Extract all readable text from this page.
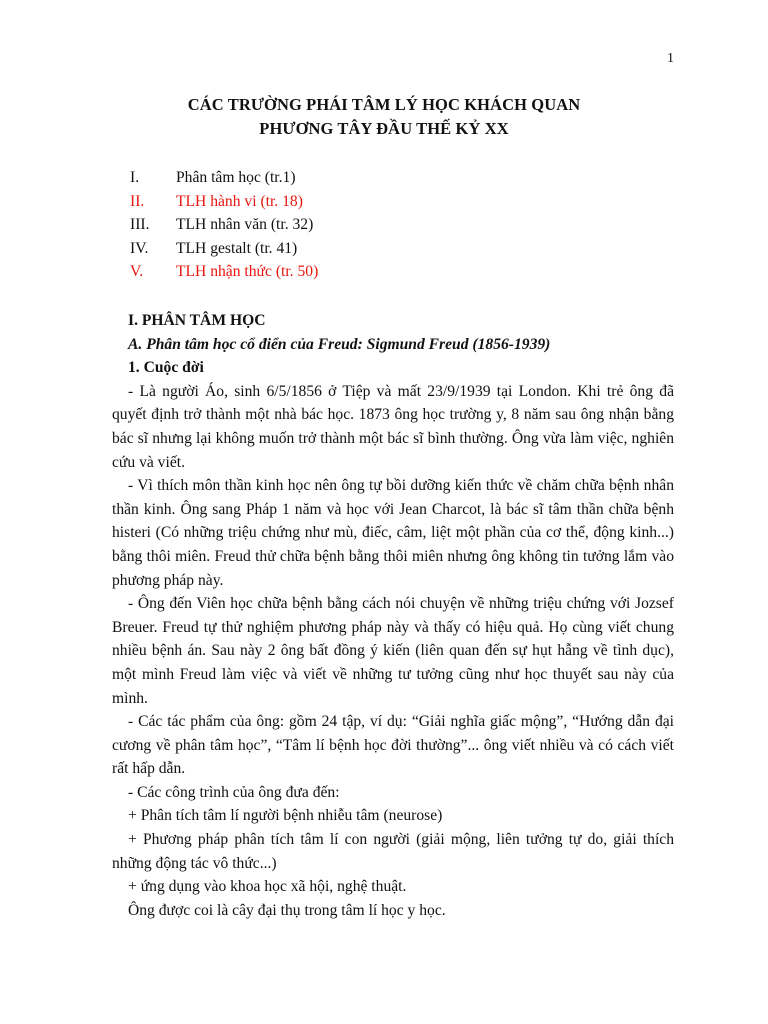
1
CÁC TRƯỜNG PHÁI TÂM LÝ HỌC KHÁCH QUAN
PHƯƠNG TÂY ĐẦU THẾ KỶ XX
I.	Phân tâm học (tr.1)
II.	TLH hành vi (tr. 18)
III.	TLH nhân văn (tr. 32)
IV.	TLH gestalt (tr. 41)
V.	TLH nhận thức (tr. 50)
I. PHÂN TÂM HỌC
A. Phân tâm học cổ điển của Freud: Sigmund Freud (1856-1939)
1. Cuộc đời

- Là người Áo, sinh 6/5/1856 ở Tiệp và mất 23/9/1939 tại London. Khi trẻ ông đã quyết định trở thành một nhà bác học. 1873 ông học trường y, 8 năm sau ông nhận bằng bác sĩ nhưng lại không muốn trở thành một bác sĩ bình thường. Ông vừa làm việc, nghiên cứu và viết.

- Vì thích môn thần kinh học nên ông tự bồi dưỡng kiến thức về chăm chữa bệnh nhân thần kinh. Ông sang Pháp 1 năm và học với Jean Charcot, là bác sĩ tâm thần chữa bệnh histeri (Có những triệu chứng như mù, điếc, câm, liệt một phần của cơ thể, động kinh...) bằng thôi miên. Freud thử chữa bệnh bằng thôi miên nhưng ông không tin tưởng lắm vào phương pháp này.

- Ông đến Viên học chữa bệnh bằng cách nói chuyện về những triệu chứng với Jozsef Breuer. Freud tự thử nghiệm phương pháp này và thấy có hiệu quả. Họ cùng viết chung nhiều bệnh án. Sau này 2 ông bất đồng ý kiến (liên quan đến sự hụt hẫng về tình dục), một mình Freud làm việc và viết về những tư tưởng cũng như học thuyết sau này của mình.

- Các tác phẩm của ông: gồm 24 tập, ví dụ: “Giải nghĩa giấc mộng”, “Hướng dẫn đại cương về phân tâm học”, “Tâm lí bệnh học đời thường”... ông viết nhiều và có cách viết rất hấp dẫn.

- Các công trình của ông đưa đến:

+ Phân tích tâm lí người bệnh nhiễu tâm (neurose)

+ Phương pháp phân tích tâm lí con người (giải mộng, liên tưởng tự do, giải thích những động tác vô thức...)

+ ứng dụng vào khoa học xã hội, nghệ thuật.

Ông được coi là cây đại thụ trong tâm lí học y học.
